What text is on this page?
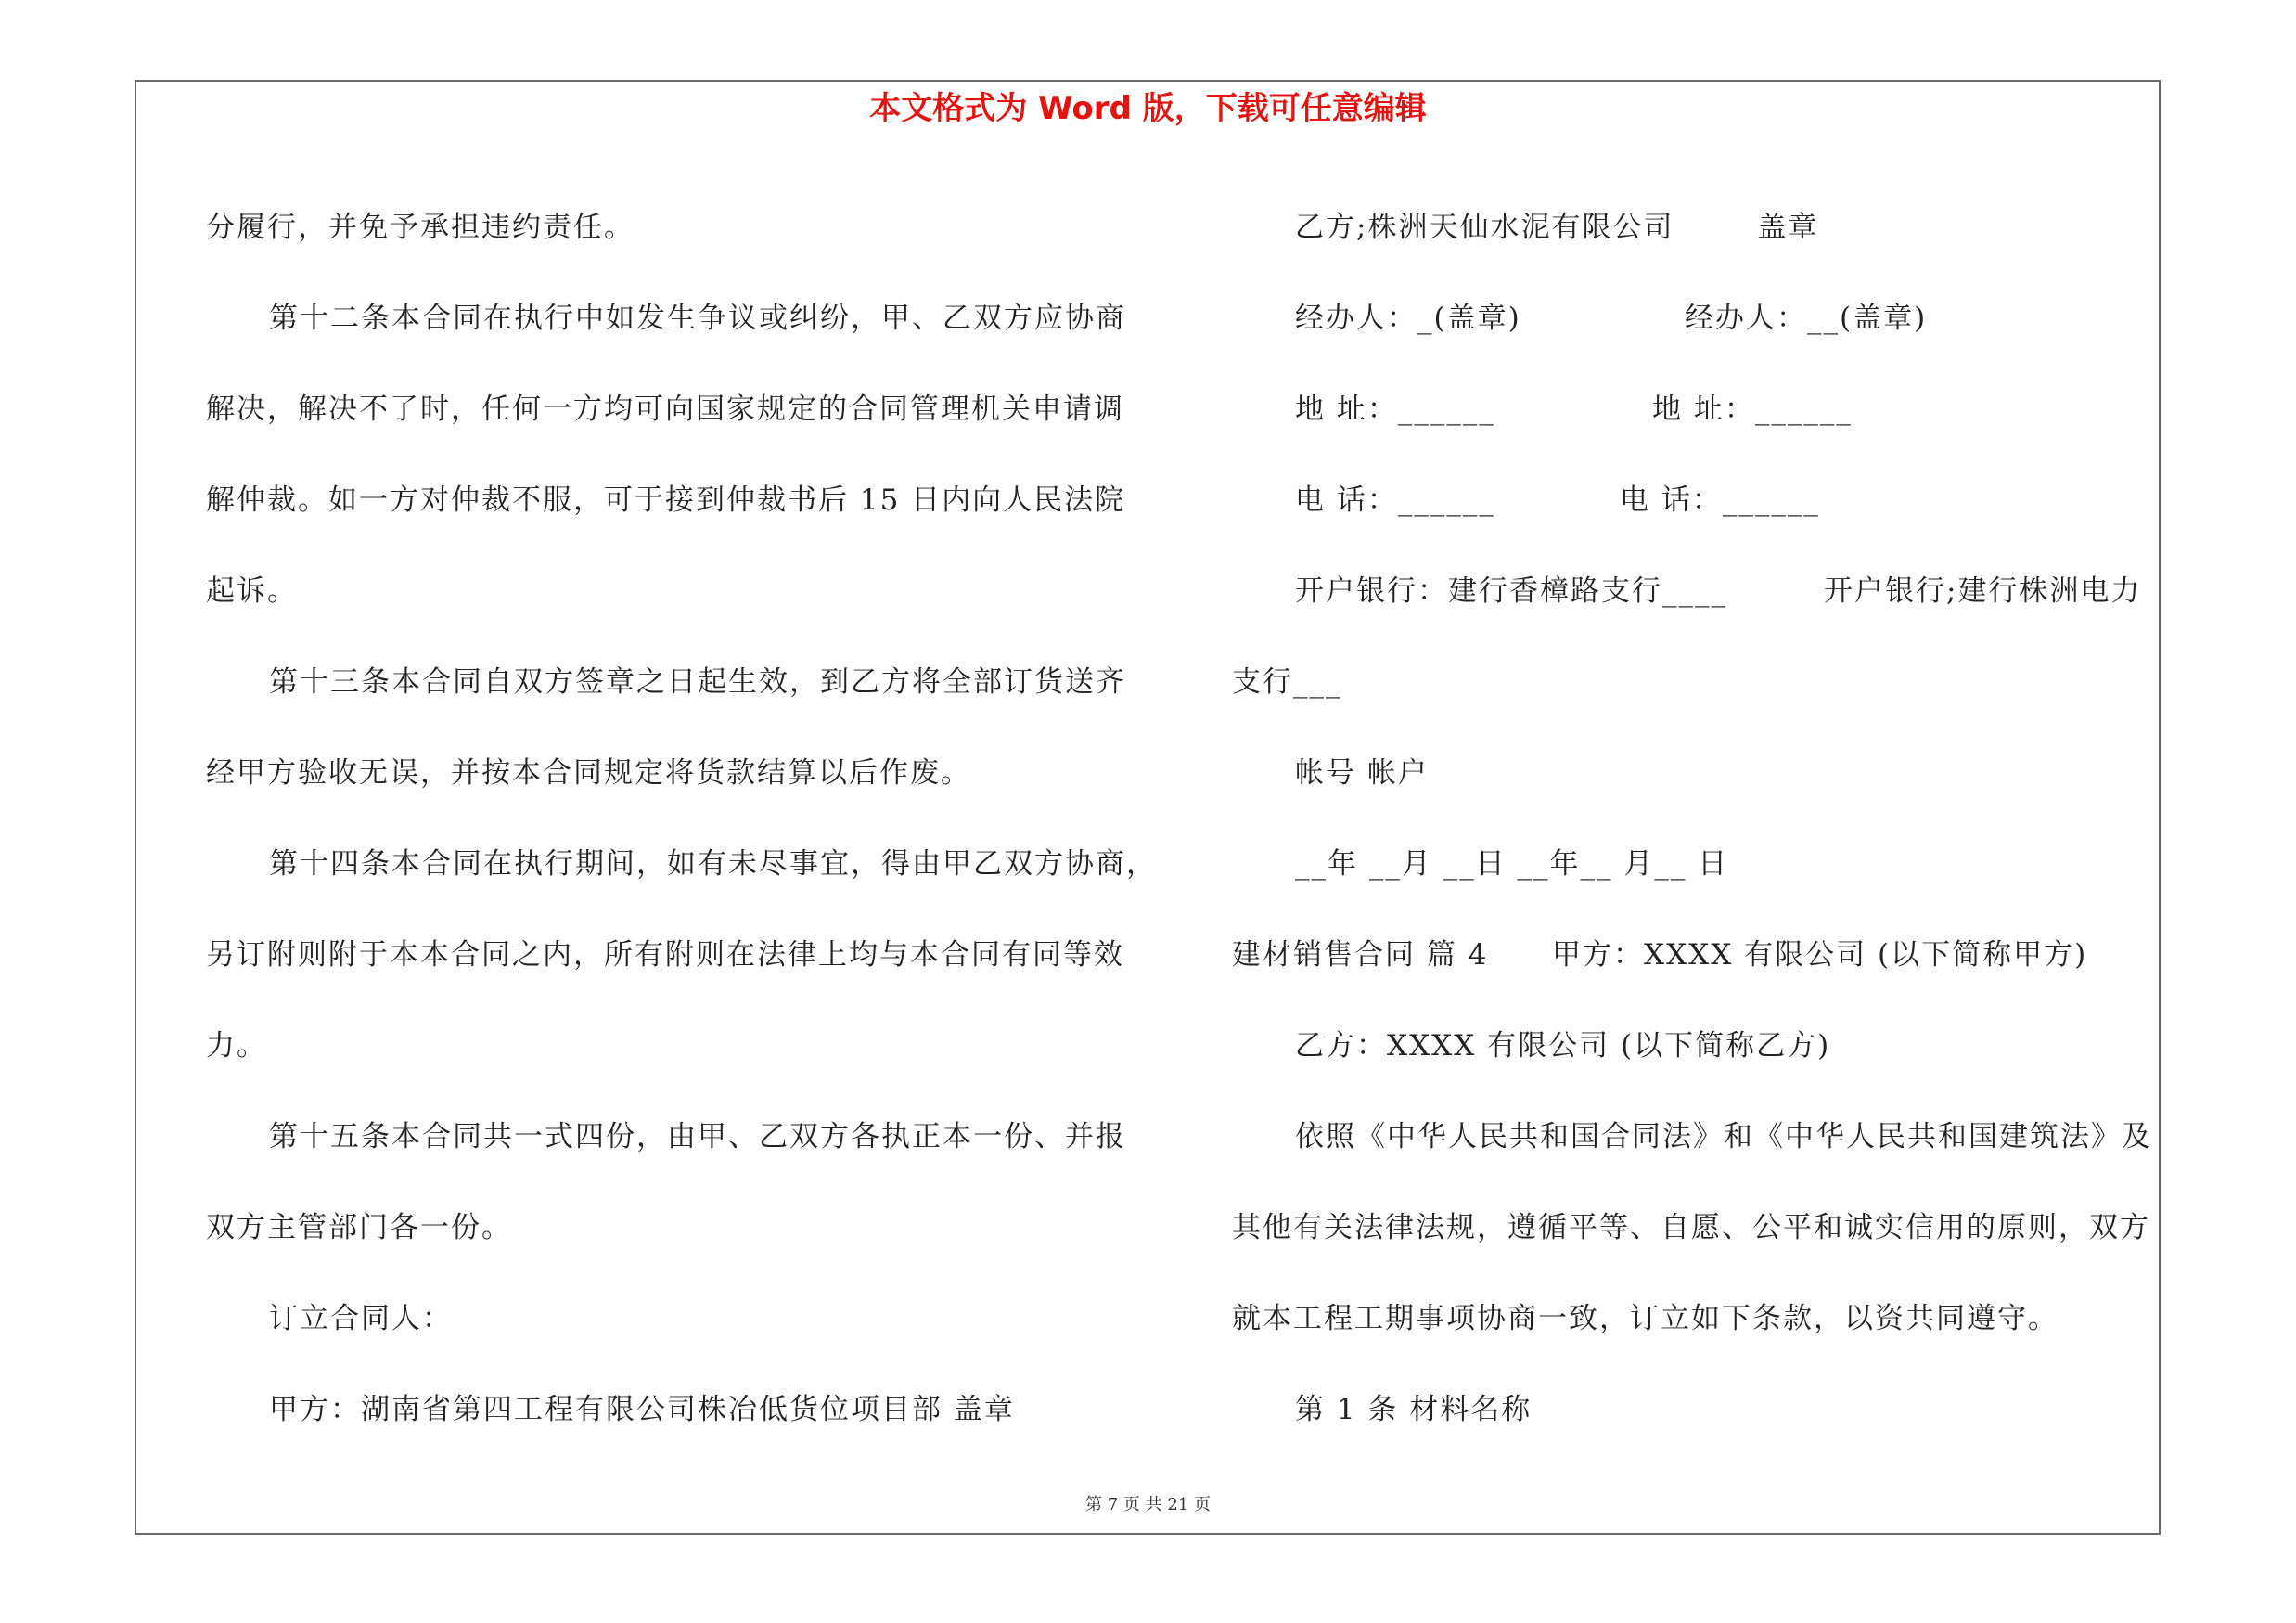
本文格式为 Word 版，下载可任意编辑
分履行，并免予承担违约责任。
第十二条本合同在执行中如发生争议或纠纷，甲、乙双方应协商
解决，解决不了时，任何一方均可向国家规定的合同管理机关申请调
解仲裁。如一方对仲裁不服，可于接到仲裁书后 15 日内向人民法院
起诉。
第十三条本合同自双方签章之日起生效，到乙方将全部订货送齐
经甲方验收无误，并按本合同规定将货款结算以后作废。
第十四条本合同在执行期间，如有未尽事宜，得由甲乙双方协商，
另订附则附于本本合同之内，所有附则在法律上均与本合同有同等效
力。
第十五条本合同共一式四份，由甲、乙双方各执正本一份、并报
双方主管部门各一份。
订立合同人：
甲方：湖南省第四工程有限公司株冶低货位项目部 盖章
乙方;株洲天仙水泥有限公司	盖章
经办人：_(盖章)	经办人：__(盖章)
地 址：______	地 址：______
电 话：______	电 话：______
开户银行：建行香樟路支行____	开户银行;建行株洲电力
支行___
帐号 帐户
__年 __月 __日 __年__ 月__ 日
建材销售合同 篇 4 甲方：XXXX 有限公司 (以下简称甲方)
乙方：XXXX 有限公司 (以下简称乙方)
依照《中华人民共和国合同法》和《中华人民共和国建筑法》及
其他有关法律法规，遵循平等、自愿、公平和诚实信用的原则，双方
就本工程工期事项协商一致，订立如下条款，以资共同遵守。
第 1 条 材料名称
第 7 页 共 21 页
